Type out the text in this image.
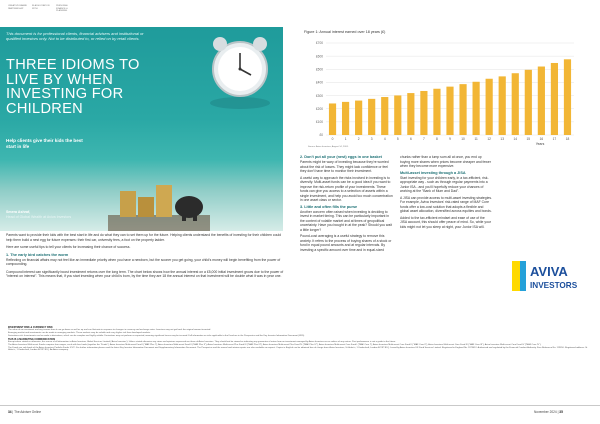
CREATIVE BRAND PARTNERSHIP
IN ASSOCIATION WITH
PERSONAL FINANCE & PLANNING
This document is for professional clients, financial advisers and institutional or qualified investors only. Not to be distributed to, or relied on by retail clients.
THREE IDIOMS TO LIVE BY WHEN INVESTING FOR CHILDREN
Help clients give their kids the best start in life
Smera Ashraf,
Head of Global Wealth at Aviva Investors

Parents want to provide their kids with the best start in life and do what they can to set them up for the future. Helping clients understand the benefits of investing for their children could help them build a nest egg for future expenses: their first car, university fees, a foot on the property ladder.

Here are some useful tips to tell your clients for increasing their chance of success.

1. The early bird catches the worm

Reflecting on financial affairs may not feel like an immediate priority when you have a newborn, but the sooner you get going, your child's money will begin benefiting from the power of compounding.

Compound interest can significantly boost investment returns over the long term. The chart below shows how the annual interest on a £5,000 initial investment grows due to the power of "interest on interest". This means that, if you start investing when your child is born, by the time they are 18 the annual interest on that investment will be double what it was in year one.

Figure 1: Annual interest earned over 18 years (£)
£0
£100
£200
£300
£400
£500
£600
£700
0	1	2	3	4	5	6	7	8	9	10	11	12	13	14	15	16	17	18
Years
Source: Aviva Investors, August 14, 2024.
2. Don't put all your (nest) eggs in one basket

Parents might be wary of investing because they're worried about the risk of losses. They might lack confidence or feel they don't have time to monitor their investment.

A useful way to approach the risks involved in investing is to diversify. Multi-asset funds can be a good idea if you want to improve the risk-return profile of your investments. These funds can give you access to a selection of assets within a single investment, and help you avoid too much concentration in one asset class or sector.

3. Little and often fills the purse

Another concern often raised when investing is deciding to invest in market timing. This can be particularly important in the context of volatile market and at times of geopolitical uncertainty. Have you bought in at the peak? Should you wait a little longer?

Pound-cost averaging is a useful strategy to remove this anxiety. It refers to the process of buying shares of a stock or fund in equal pound amounts and at regular intervals. By investing a specific amount over time and in equal-sized

chunks rather than a lump sum all at once, you end up buying more shares when prices become cheaper and fewer when they become more expensive.

Multi-asset investing through a JISA

Start investing for your children early, in a tax-efficient, risk-appropriate way - such as through regular payments into a Junior ISA - and you'll hopefully reduce your chances of working at the "Bank of Mum and Dad".

A JISA can provide access to multi-asset investing strategies. For example, Aviva Investors' risk-rated range of MAF Core funds offer a low-cost solution that adopts a flexible and global asset allocation, diversified across equities and bonds.

Added to the tax-efficient mindset and ease of use of the JISA account, this should offer peace of mind. So, while your kids might not let you sleep at night, your Junior ISA will.

AVIVA
INVESTORS
INVESTMENT RISK & CURRENCY RISK
The value of an investment and any income from it can go down as well as up and can fluctuate in response to changes in currency and exchange rates. Investors may not get back the original amount invested.
Emerging market and investments can be made in emerging markets. These markets may be volatile and carry higher risk than developed markets.
Derivatives risk: Investments can be made in derivatives, which can be complex and highly volatile. Derivatives may not perform as expected, meaning significant losses may be incurred. Full information on risks applicable to the Fund are in the Prospectus and the Key Investor Information Document (KIID).
THIS IS A MARKETING COMMUNICATION
Except where stated as otherwise, the source of all information is Aviva Investors Global Services Limited ('Aviva Investors'). Unless stated otherwise any views and opinions expressed are those of Aviva Investors. They should not be viewed as indicating any guarantee of return from an investment managed by Aviva Investors nor as advice of any nature. Past performance is not a guide to the future.
The Aviva Investors Multi-asset Funds comprise four ranges, each with four funds (together the "Funds"): Aviva Investors Multi-asset Fund I ("MAF Plus I"), Aviva Investors Multi-asset Fund II ("MAF Plus II"), Aviva Investors Multi-asset Plus Fund III ("MAF Plus III"), Aviva Investors Multi-asset Plus Fund IV ("MAF Plus IV"), Aviva Investors Multi-asset Core Fund I ("MAF Core I"), Aviva Investors Multi-asset Core Fund II ("MAF Core II"), Aviva Investors Multi-asset Core Fund III ("MAF Core III"), Aviva Investors Multi-asset Core Fund IV ("MAF Core IV").
The Funds are sub-funds of the Aviva Investors Portfolio Funds ICVC. For further information please read the latest Key Investor Information Document and Supplementary Information Document. The Prospectus and the annual and interim reports are also available on request. Copies in English can be obtained free of charge from: Aviva Investors, St Helen's, 1 Undershaft, London EC3P 3DQ. Issued by Aviva Investors UK Fund Services Limited. Registered in England No. 1973412. Authorised and regulated by the Financial Conduct Authority. Firm Reference No. 119310. Registered address: St Helen's, 1 Undershaft, London EC3P 3DQ. An Aviva company.
34 | The Adviser Online	November 2024 | 35
